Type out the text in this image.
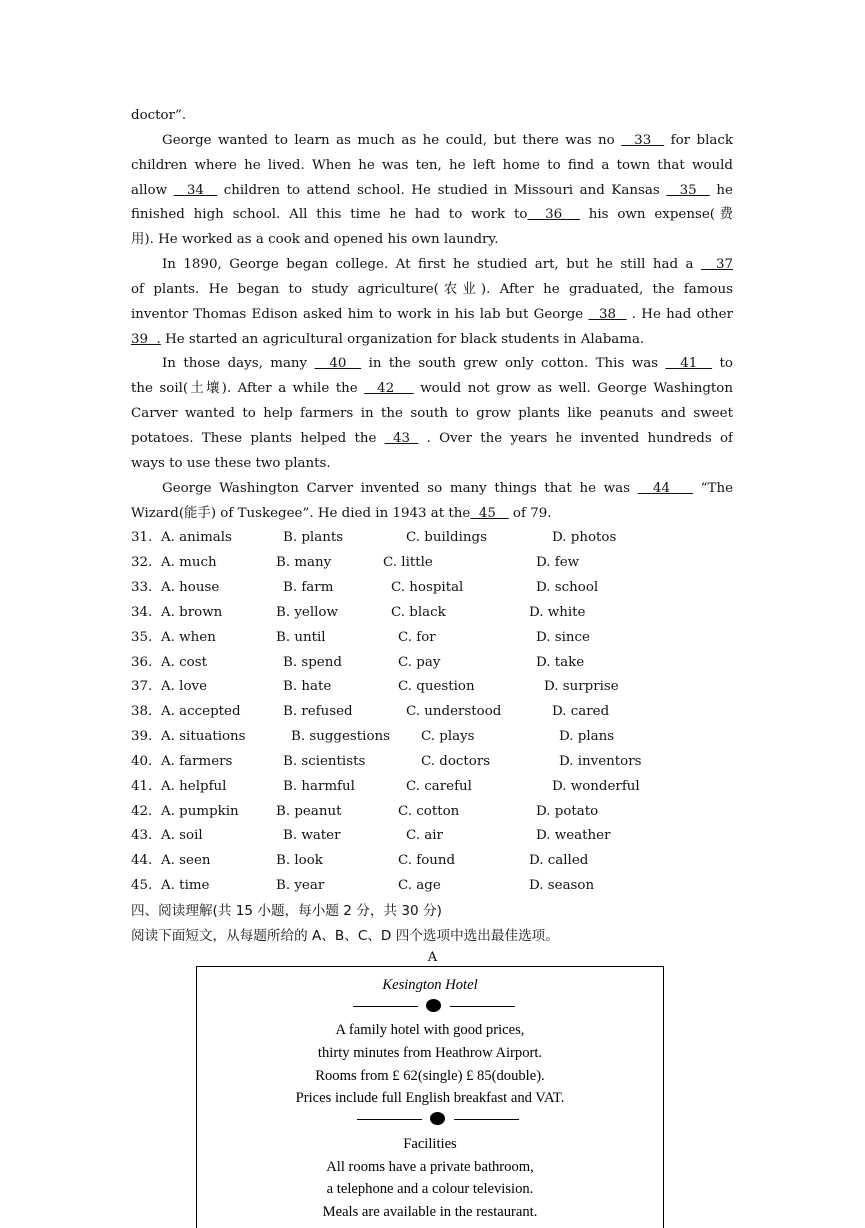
doctor”.
George wanted to learn as much as he could, but there was no   33   for black
children where he lived. When he was ten, he left home to find a town that would
allow   34   children to attend school. He studied in Missouri and Kansas   35   he
finished high school. All this time he had to work to  36   his own expense(费
用). He worked as a cook and opened his own laundry.
In 1890, George began college. At first he studied art, but he still had a   37
of plants. He began to study agriculture(农业). After he graduated, the famous
inventor Thomas Edison asked him to work in his lab but George   38   . He had other
39  . He started an agricultural organization for black students in Alabama.
In those days, many   40   in the south grew only cotton. This was   41   to
the soil(土壤). After a while the   42    would not grow as well. George Washington
Carver wanted to help farmers in the south to grow plants like peanuts and sweet
potatoes. These plants helped the  43  . Over the years he invented hundreds of
ways to use these two plants.
George Washington Carver invented so many things that he was   44    “The
Wizard(能手) of Tuskegee”. He died in 1943 at the  45    of 79.
31. A. animals	B. plants	C. buildings	D. photos
32. A. much	B. many	C. little	D. few
33. A. house	B. farm	C. hospital	D. school
34. A. brown	B. yellow	C. black	D. white
35. A. when	B. until	C. for	D. since
36. A. cost	B. spend	C. pay	D. take
37. A. love	B. hate	C. question	D. surprise
38. A. accepted	B. refused	C. understood	D. cared
39. A. situations	B. suggestions C. plays	D. plans
40. A. farmers	B. scientists	C. doctors	D. inventors
41. A. helpful	B. harmful	C. careful	D. wonderful
42. A. pumpkin	B. peanut	C. cotton	D. potato
43. A. soil	B. water	C. air	D. weather
44. A. seen	B. look	C. found	D. called
45. A. time	B. year	C. age	D. season
四、阅读理解(共 15 小题，每小题 2 分，共 30 分)
阅读下面短文，从每题所给的 A、B、C、D 四个选项中选出最佳选项。
A
Kesington Hotel
A family hotel with good prices,
thirty minutes from Heathrow Airport.
Rooms from £ 62(single) £ 85(double).
Prices include full English breakfast and VAT.
Facilities
All rooms have a private bathroom,
a telephone and a colour television.
Meals are available in the restaurant.
